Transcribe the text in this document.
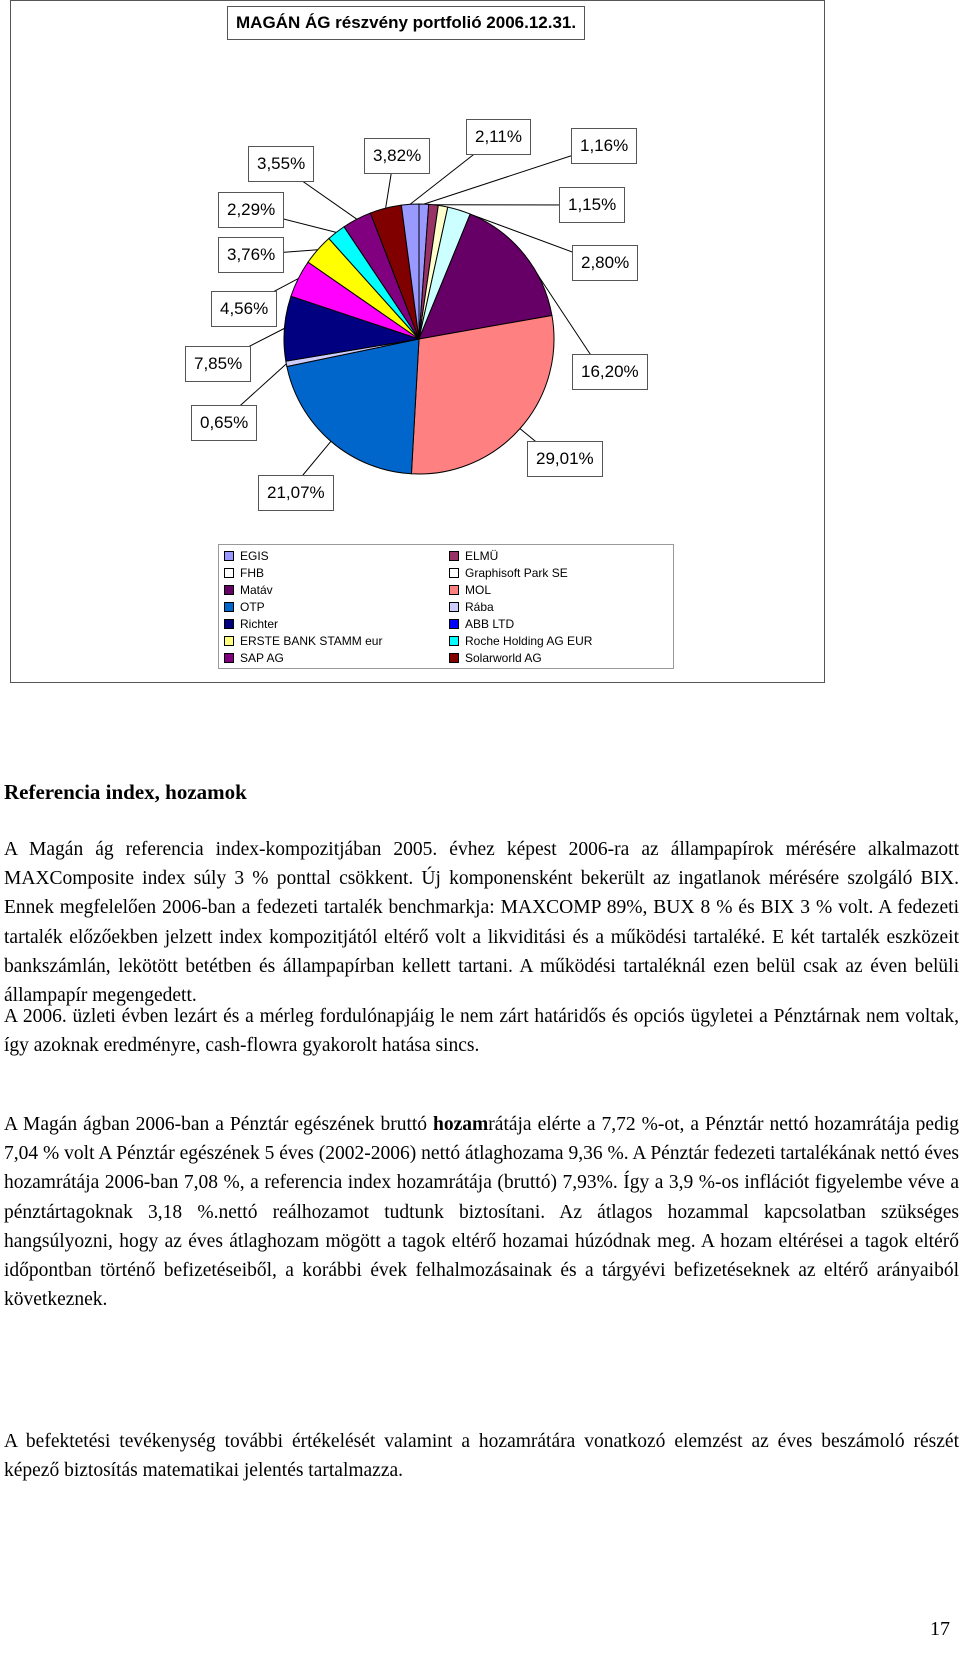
MAGÁN ÁG részvény portfolió 2006.12.31.
1,16%
1,15%
2,80%
16,20%
29,01%
21,07%
0,65%
7,85%
4,56%
3,76%
2,29%
3,55%	3,82%
2,11%
EGIS
FHB
Matáv
OTP
Richter
ERSTE BANK STAMM eur
SAP AG
ELMÜ
Graphisoft Park SE
MOL
Rába
ABB LTD
Roche Holding AG EUR
Solarworld AG
Referencia index, hozamok

A Magán ág referencia index-kompozitjában 2005. évhez képest 2006-ra az állampapírok mérésére alkalmazott MAXComposite index súly 3 % ponttal csökkent. Új komponensként bekerült az ingatlanok mérésére szolgáló BIX. Ennek megfelelően 2006-ban a fedezeti tartalék benchmarkja: MAXCOMP 89%, BUX 8 % és BIX 3 % volt. A fedezeti tartalék előzőekben jelzett index kompozitjától eltérő volt a likviditási és a működési tartaléké. E két tartalék eszközeit bankszámlán, lekötött betétben és állampapírban kellett tartani. A működési tartaléknál ezen belül csak az éven belüli állampapír megengedett.

A 2006. üzleti évben lezárt és a mérleg fordulónapjáig le nem zárt határidős és opciós ügyletei a Pénztárnak nem voltak, így azoknak eredményre, cash-flowra gyakorolt hatása sincs.

A Magán ágban 2006-ban a Pénztár egészének bruttó hozamrátája elérte a 7,72 %-ot, a Pénztár nettó hozamrátája pedig 7,04 % volt A Pénztár egészének 5 éves (2002-2006) nettó átlaghozama 9,36 %. A Pénztár fedezeti tartalékának nettó éves hozamrátája 2006-ban 7,08 %, a referencia index hozamrátája (bruttó) 7,93%. Így a 3,9 %-os inflációt figyelembe véve a pénztártagoknak 3,18 %.nettó reálhozamot tudtunk biztosítani. Az átlagos hozammal kapcsolatban szükséges hangsúlyozni, hogy az éves átlaghozam mögött a tagok eltérő hozamai húzódnak meg. A hozam eltérései a tagok eltérő időpontban történő befizetéseiből, a korábbi évek felhalmozásainak és a tárgyévi befizetéseknek az eltérő arányaiból következnek.

A befektetési tevékenység további értékelését valamint a hozamrátára vonatkozó elemzést az éves beszámoló részét képező biztosítás matematikai jelentés tartalmazza.

17
